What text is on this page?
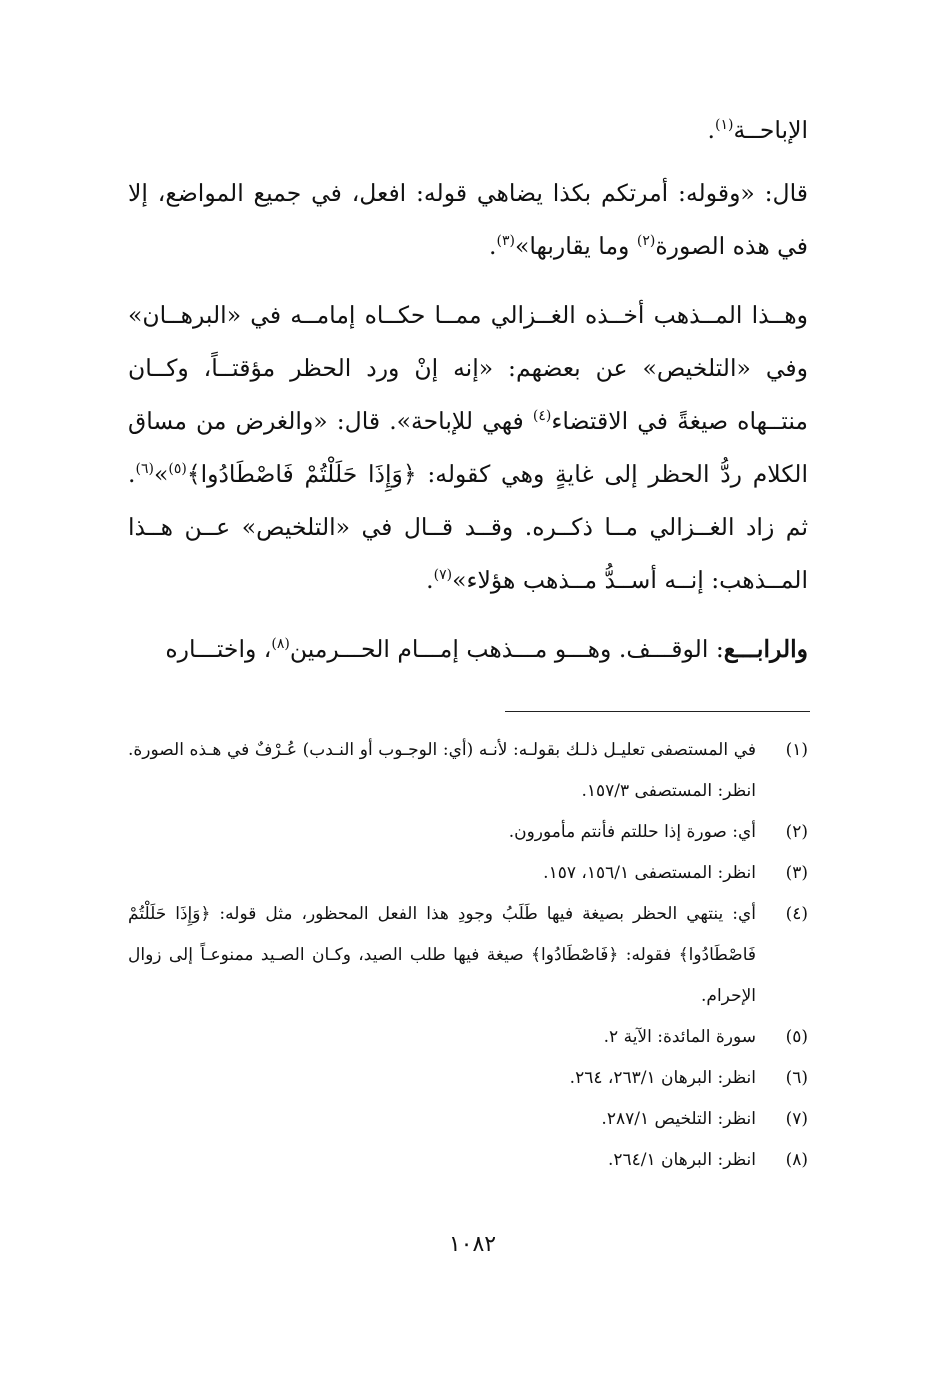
الإباحــة$^{(١)}$.

قال: «وقوله: أمرتكم بكذا يضاهي قوله: افعل، في جميع المواضع، إلا في هذه الصورة$^{(٢)}$ وما يقاربها»$^{(٣)}$.

وهــذا المــذهب أخــذه الغــزالي ممــا حكــاه إمامــه في «البرهــان» وفي «التلخيص» عن بعضهم: «إنه إنْ ورد الحظر مؤقتــاً، وكــان منتــهاه صيغةً في الاقتضاء$^{(٤)}$ فهي للإباحة». قال: «والغرض من مساق الكلام ردُّ الحظر إلى غايةٍ وهي كقوله: ﴿وَإِذَا حَلَلْتُمْ فَاصْطَادُوا﴾$^{(٥)}$»$^{(٦)}$. ثم زاد الغــزالي مــا ذكــره. وقــد قــال في «التلخيص» عــن هــذا المــذهب: إنــه أســدُّ مــذهب هؤلاء»$^{(٧)}$.

والرابـــع: الوقـــف. وهـــو مـــذهب إمـــام الحـــرمين$^{(٨)}$، واختـــاره

(١)
في المستصفى تعليـل ذلـك بقولـه: لأنـه (أي: الوجـوب أو النـدب) عُـرْفٌ في هـذه الصورة. انظر: المستصفى ١٥٧/٣.

(٢)
أي: صورة إذا حللتم فأنتم مأمورون.

(٣)
انظر: المستصفى ١٥٦/١، ١٥٧.

(٤)
أي: ينتهي الحظر بصيغة فيها طَلَبُ وجودِ هذا الفعل المحظور، مثل قوله: ﴿وَإِذَا حَلَلْتُمْ فَاصْطَادُوا﴾ فقوله: ﴿فَاصْطَادُوا﴾ صيغة فيها طلب الصيد، وكـان الصـيد ممنوعـاً إلى زوال الإحرام.

(٥)
سورة المائدة: الآية ٢.

(٦)
انظر: البرهان ٢٦٣/١، ٢٦٤.

(٧)
انظر: التلخيص ٢٨٧/١.

(٨)
انظر: البرهان ٢٦٤/١.

١٠٨٢
